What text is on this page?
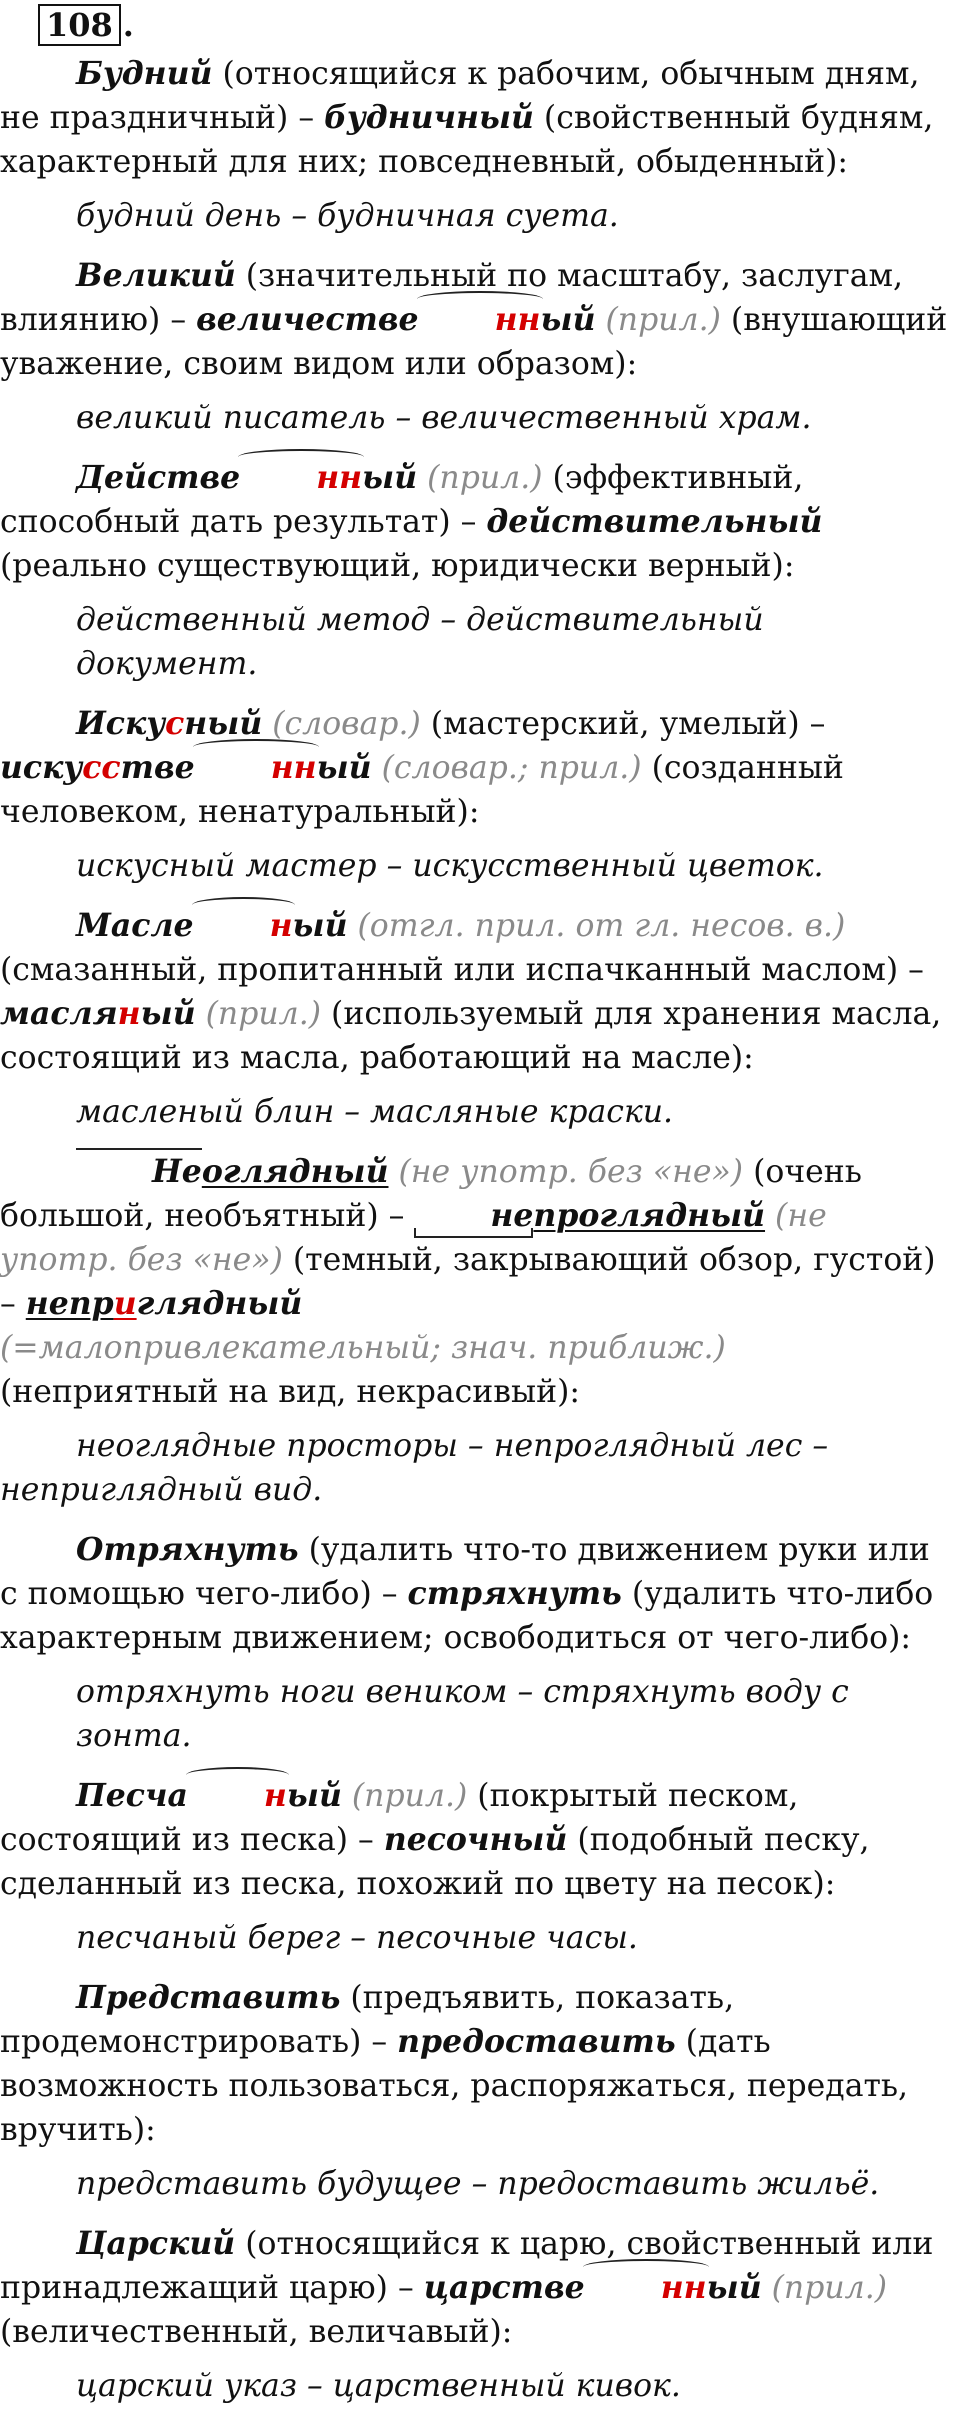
108 .

Будний (относящийся к рабочим, обычным дням, не праздничный) – будничный (свойственный будням, характерный для них; повседневный, обыденный):

будний день – будничная суета.

Великий (значительный по масштабу, заслугам, влиянию) – величестве нный (прил.) (внушающий уважение, своим видом или образом):

великий писатель – величественный храм.

Действе нный (прил.) (эффективный, способный дать результат) – действительный (реально существующий, юридически верный):

действенный метод – действительный документ.

Искусный (словар.) (мастерский, умелый) – искусстве нный (словар.; прил.) (созданный человеком, ненатуральный):

искусный мастер – искусственный цветок.

Масле ный (отгл. прил. от гл. несов. в.) (смазанный, пропитанный или испачканный маслом) – масляный (прил.) (используемый для хранения масла, состоящий из масла, работающий на масле):

масленый блин – масляные краски.

Неоглядный (не употр. без «не») (очень большой, необъятный) – непроглядный (не употр. без «не») (темный, закрывающий обзор, густой) – неприглядный
(=малопривлекательный; знач. приближ.) (неприятный на вид, некрасивый):

неоглядные просторы – непроглядный лес – неприглядный вид.

Отряхнуть (удалить что-то движением руки или с помощью чего-либо) – стряхнуть (удалить что-либо характерным движением; освободиться от чего-либо):

отряхнуть ноги веником – стряхнуть воду с зонта.

Песча ный (прил.) (покрытый песком, состоящий из песка) – песочный (подобный песку, сделанный из песка, похожий по цвету на песок):

песчаный берег – песочные часы.

Представить (предъявить, показать, продемонстрировать) – предоставить (дать возможность пользоваться, распоряжаться, передать, вручить):

представить будущее – предоставить жильё.

Царский (относящийся к царю, свойственный или принадлежащий царю) – царстве нный (прил.) (величественный, величавый):

царский указ – царственный кивок.
